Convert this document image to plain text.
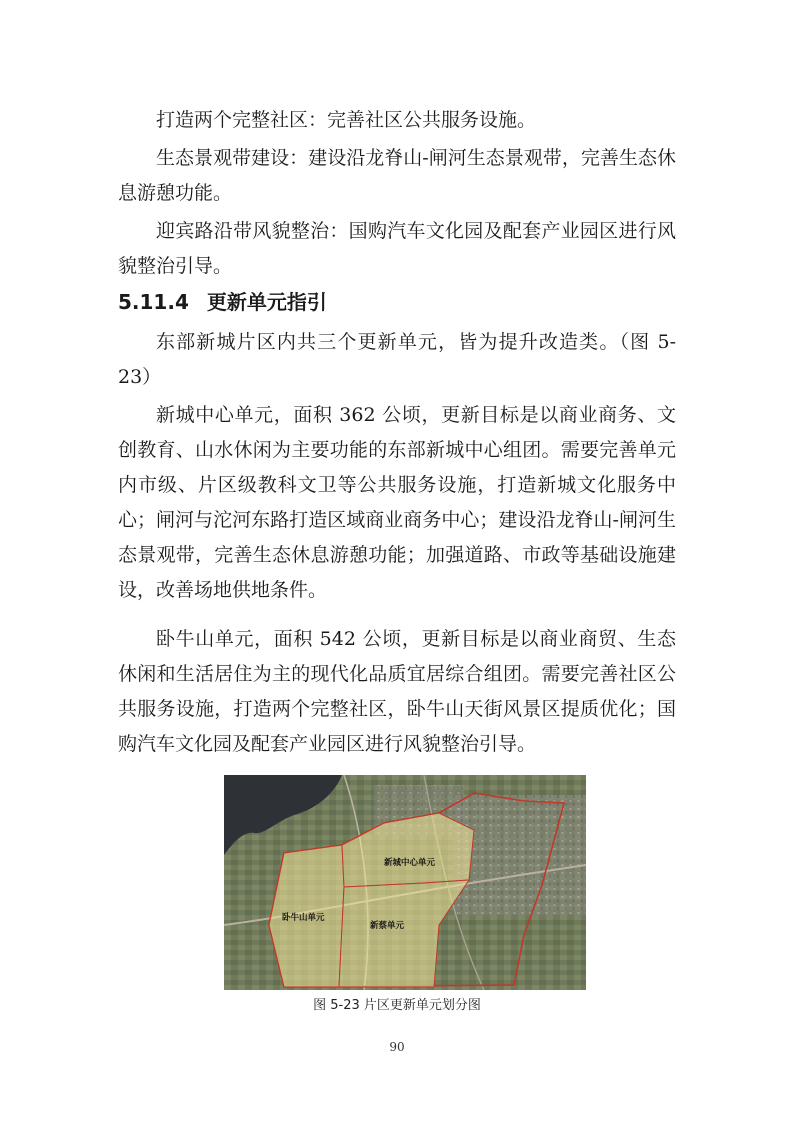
打造两个完整社区：完善社区公共服务设施。

生态景观带建设：建设沿龙脊山-闸河生态景观带，完善生态休息游憩功能。

迎宾路沿带风貌整治：国购汽车文化园及配套产业园区进行风貌整治引导。

5.11.4 更新单元指引

东部新城片区内共三个更新单元，皆为提升改造类。（图 5-23）

新城中心单元，面积 362 公顷，更新目标是以商业商务、文创教育、山水休闲为主要功能的东部新城中心组团。需要完善单元内市级、片区级教科文卫等公共服务设施，打造新城文化服务中心；闸河与沱河东路打造区域商业商务中心；建设沿龙脊山-闸河生态景观带，完善生态休息游憩功能；加强道路、市政等基础设施建设，改善场地供地条件。

卧牛山单元，面积 542 公顷，更新目标是以商业商贸、生态休闲和生活居住为主的现代化品质宜居综合组团。需要完善社区公共服务设施，打造两个完整社区，卧牛山天街风景区提质优化；国购汽车文化园及配套产业园区进行风貌整治引导。

新城中心单元
卧牛山单元
新蔡单元
图 5-23 片区更新单元划分图
90
